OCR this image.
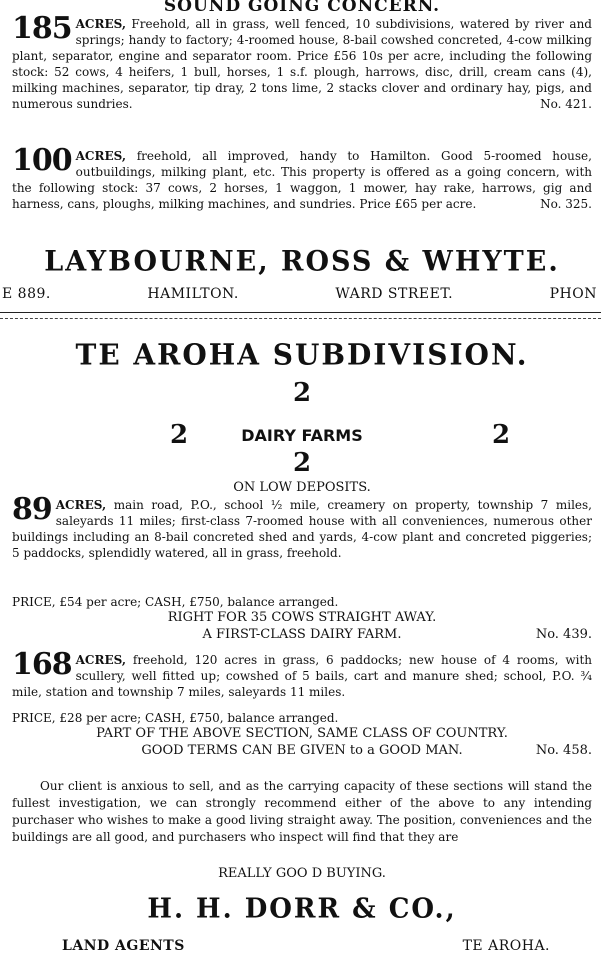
SOUND GOING CONCERN.
185 ACRES, Freehold, all in grass, well fenced, 10 subdivisions, watered by river and springs; handy to factory; 4-roomed house, 8-bail cowshed concreted, 4-cow milking plant, separator, engine and separator room. Price £56 10s per acre, including the following stock: 52 cows, 4 heifers, 1 bull, horses, 1 s.f. plough, harrows, disc, drill, cream cans (4), milking machines, separator, tip dray, 2 tons lime, 2 stacks clover and ordinary hay, pigs, and numerous sundries.	No. 421.
100 ACRES, freehold, all improved, handy to Hamilton. Good 5-roomed house, outbuildings, milking plant, etc. This property is offered as a going concern, with the following stock: 37 cows, 2 horses, 1 waggon, 1 mower, hay rake, harrows, gig and harness, cans, ploughs, milking machines, and sundries. Price £65 per acre.	No. 325.
LAYBOURNE, ROSS & WHYTE.
E 889.	HAMILTON.	WARD STREET.	PHON
TE AROHA SUBDIVISION.
2
2	DAIRY FARMS	2
2
ON LOW DEPOSITS.
89 ACRES, main road, P.O., school ½ mile, creamery on property, township 7 miles, saleyards 11 miles; first-class 7-roomed house with all conveniences, numerous other buildings including an 8-bail concreted shed and yards, 4-cow plant and concreted piggeries; 5 paddocks, splendidly watered, all in grass, freehold.
PRICE, £54 per acre; CASH, £750, balance arranged.
RIGHT FOR 35 COWS STRAIGHT AWAY.
A FIRST-CLASS DAIRY FARM.	No. 439.
168 ACRES, freehold, 120 acres in grass, 6 paddocks; new house of 4 rooms, with scullery, well fitted up; cowshed of 5 bails, cart and manure shed; school, P.O. ¾ mile, station and township 7 miles, saleyards 11 miles.
PRICE, £28 per acre; CASH, £750, balance arranged.
PART OF THE ABOVE SECTION, SAME CLASS OF COUNTRY.
GOOD TERMS CAN BE GIVEN to a GOOD MAN.	No. 458.
Our client is anxious to sell, and as the carrying capacity of these sections will stand the fullest investigation, we can strongly recommend either of the above to any intending purchaser who wishes to make a good living straight away. The position, conveniences and the buildings are all good, and purchasers who inspect will find that they are
REALLY GOO D BUYING.
H. H. DORR & CO.,
LAND AGENTS	TE AROHA.
